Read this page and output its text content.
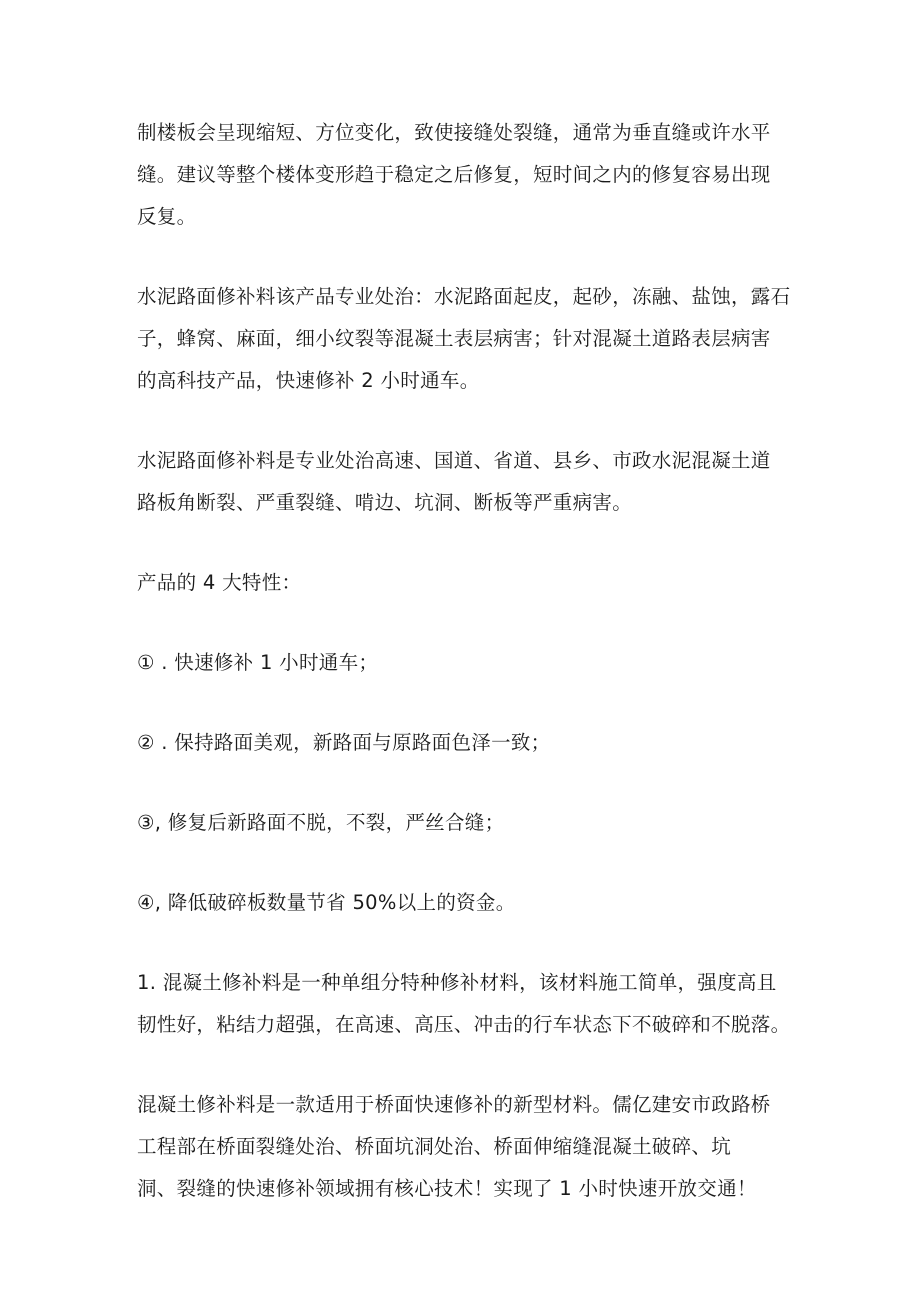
制楼板会呈现缩短、方位变化，致使接缝处裂缝，通常为垂直缝或许水平
缝。建议等整个楼体变形趋于稳定之后修复，短时间之内的修复容易出现
反复。
水泥路面修补料该产品专业处治：水泥路面起皮，起砂，冻融、盐蚀，露石
子，蜂窝、麻面，细小纹裂等混凝土表层病害；针对混凝土道路表层病害
的高科技产品，快速修补 2 小时通车。
水泥路面修补料是专业处治高速、国道、省道、县乡、市政水泥混凝土道
路板角断裂、严重裂缝、啃边、坑洞、断板等严重病害。
产品的 4 大特性：
① . 快速修补 1 小时通车；
② . 保持路面美观，新路面与原路面色泽一致；
③, 修复后新路面不脱，不裂，严丝合缝；
④, 降低破碎板数量节省 50%以上的资金。
1. 混凝土修补料是一种单组分特种修补材料，该材料施工简单，强度高且
韧性好，粘结力超强，在高速、高压、冲击的行车状态下不破碎和不脱落。
混凝土修补料是一款适用于桥面快速修补的新型材料。儒亿建安市政路桥
工程部在桥面裂缝处治、桥面坑洞处治、桥面伸缩缝混凝土破碎、坑
洞、裂缝的快速修补领域拥有核心技术！实现了 1 小时快速开放交通！
